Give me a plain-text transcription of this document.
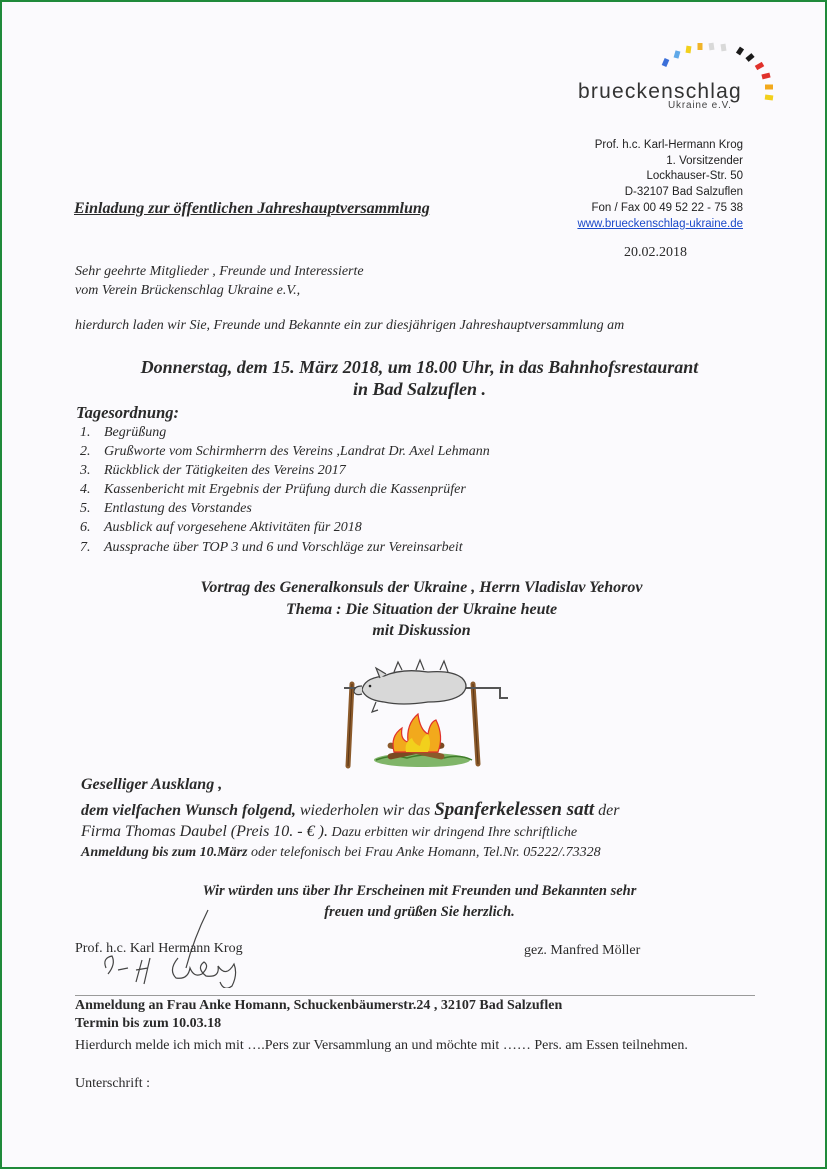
brueckenschlag
Ukraine e.V.
Prof. h.c. Karl-Hermann Krog
1. Vorsitzender
Lockhauser-Str. 50
D-32107 Bad Salzuflen
Fon / Fax 00 49 52 22 - 75 38
www.brueckenschlag-ukraine.de
Einladung zur öffentlichen Jahreshauptversammlung
20.02.2018
Sehr geehrte Mitglieder , Freunde und Interessierte
vom Verein Brückenschlag Ukraine e.V.,
hierdurch laden wir Sie, Freunde und Bekannte ein zur diesjährigen Jahreshauptversammlung am
Donnerstag, dem 15. März 2018, um 18.00 Uhr, in das Bahnhofsrestaurant
in Bad Salzuflen .
Tagesordnung:
1. Begrüßung
2. Grußworte vom Schirmherrn des Vereins ,Landrat Dr. Axel Lehmann
3. Rückblick der Tätigkeiten des Vereins 2017
4. Kassenbericht mit Ergebnis der Prüfung durch die Kassenprüfer
5. Entlastung des Vorstandes
6. Ausblick auf vorgesehene Aktivitäten für 2018
7. Aussprache über TOP 3 und 6 und Vorschläge zur Vereinsarbeit
Vortrag des Generalkonsuls der Ukraine , Herrn Vladislav Yehorov
Thema : Die Situation der Ukraine heute
mit Diskussion
Geselliger Ausklang ,
dem vielfachen Wunsch folgend, wiederholen wir das Spanferkelessen satt der
Firma Thomas Daubel (Preis 10. - € ). Dazu erbitten wir dringend Ihre schriftliche
Anmeldung bis zum 10.März oder telefonisch bei Frau Anke Homann, Tel.Nr. 05222/.73328
Wir würden uns über Ihr Erscheinen mit Freunden und Bekannten sehr
freuen und grüßen Sie herzlich.
Prof. h.c. Karl Hermann Krog	gez. Manfred Möller
Anmeldung an Frau Anke Homann, Schuckenbäumerstr.24 , 32107 Bad Salzuflen
Termin bis zum 10.03.18
Hierdurch melde ich mich mit ….Pers zur Versammlung an und möchte mit …… Pers. am Essen teilnehmen.
Unterschrift :
